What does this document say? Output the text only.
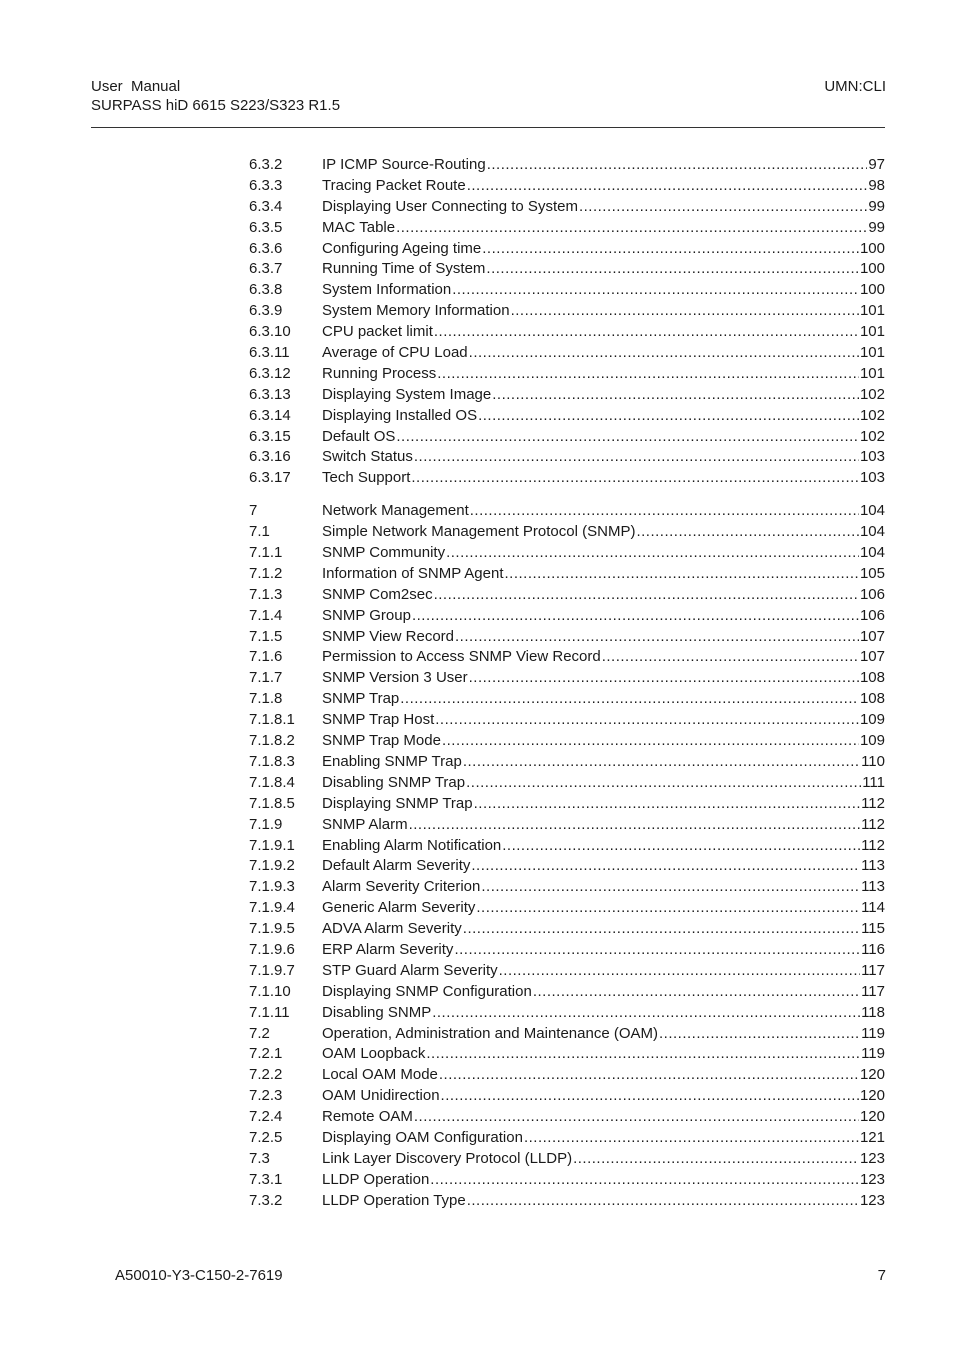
User  Manual
SURPASS hiD 6615 S223/S323 R1.5
UMN:CLI
6.3.2	IP ICMP Source-Routing .....	97
6.3.3	Tracing Packet Route .....	98
6.3.4	Displaying User Connecting to System .....	99
6.3.5	MAC Table .....	99
6.3.6	Configuring Ageing time .....	100
6.3.7	Running Time of System .....	100
6.3.8	System Information .....	100
6.3.9	System Memory Information .....	101
6.3.10	CPU packet limit .....	101
6.3.11	Average of CPU Load .....	101
6.3.12	Running Process .....	101
6.3.13	Displaying System Image .....	102
6.3.14	Displaying Installed OS .....	102
6.3.15	Default OS .....	102
6.3.16	Switch Status .....	103
6.3.17	Tech Support .....	103
7	Network Management .....	104
7.1	Simple Network Management Protocol (SNMP) .....	104
7.1.1	SNMP Community .....	104
7.1.2	Information of SNMP Agent .....	105
7.1.3	SNMP Com2sec .....	106
7.1.4	SNMP Group .....	106
7.1.5	SNMP View Record .....	107
7.1.6	Permission to Access SNMP View Record .....	107
7.1.7	SNMP Version 3 User .....	108
7.1.8	SNMP Trap .....	108
7.1.8.1	SNMP Trap Host .....	109
7.1.8.2	SNMP Trap Mode .....	109
7.1.8.3	Enabling SNMP Trap .....	110
7.1.8.4	Disabling SNMP Trap .....	111
7.1.8.5	Displaying SNMP Trap .....	112
7.1.9	SNMP Alarm .....	112
7.1.9.1	Enabling Alarm Notification .....	112
7.1.9.2	Default Alarm Severity .....	113
7.1.9.3	Alarm Severity Criterion .....	113
7.1.9.4	Generic Alarm Severity .....	114
7.1.9.5	ADVA Alarm Severity .....	115
7.1.9.6	ERP Alarm Severity .....	116
7.1.9.7	STP Guard Alarm Severity .....	117
7.1.10	Displaying SNMP Configuration .....	117
7.1.11	Disabling SNMP .....	118
7.2	Operation, Administration and Maintenance (OAM) .....	119
7.2.1	OAM Loopback .....	119
7.2.2	Local OAM Mode .....	120
7.2.3	OAM Unidirection .....	120
7.2.4	Remote OAM .....	120
7.2.5	Displaying OAM Configuration .....	121
7.3	Link Layer Discovery Protocol (LLDP) .....	123
7.3.1	LLDP Operation .....	123
7.3.2	LLDP Operation Type .....	123
A50010-Y3-C150-2-7619	7
